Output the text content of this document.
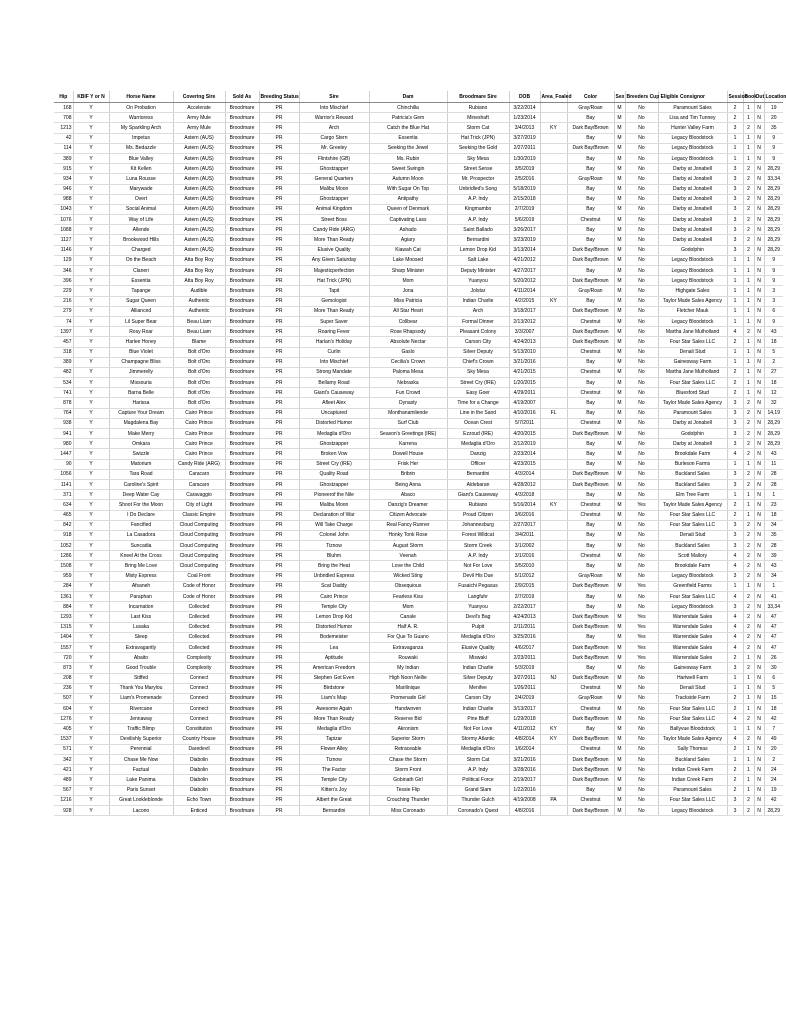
Hip	KBIF Y or N	Horse Name	Covering Sire	Sold As	Breeding Status	Sire	Dam	Broodmare Sire	DOB	Area_Foaled	Color	Sex	Breeders Cup Eligible	Consignor	Session	Book	Out	Location
168	Y	On Probation	Accelerate	Broodmare	PR	Into Mischief	Chinchilla	Rubiano	3/22/2014		Gray/Roan	M	No	Paramount Sales	2	1	N	19
708	Y	Warrioress	Army Mule	Broodmare	PR	Warrior's Reward	Patricia's Gem	Mineshaft	1/23/2014		Bay	M	No	Lisa and Tim Tunney	2	1	N	20
1213	Y	My Sparkling Arch	Army Mule	Broodmare	PR	Arch	Catch the Blue Hat	Storm Cat	3/4/2013	KY	Dark Bay/Brown	M	No	Hunter Valley Farm	3	2	N	35
42	Y	Impetus	Astern (AUS)	Broodmare	PR	Cargo Stern	Essentia	Hat Trick (JPN)	3/27/2019		Bay	M	No	Legacy Bloodstock	1	1	N	9
114	Y	Ms. Bedazzle	Astern (AUS)	Broodmare	PR	Mr. Greeley	Seeking the Jewel	Seeking the Gold	2/27/2011		Dark Bay/Brown	M	No	Legacy Bloodstock	1	1	N	9
389	Y	Blue Valley	Astern (AUS)	Broodmare	PR	Flintshire (GB)	Ms. Rubin	Sky Mesa	1/30/2019		Bay	M	No	Legacy Bloodstock	1	1	N	9
915	Y	Kit Kellen	Astern (AUS)	Broodmare	PR	Ghostzapper	Sweet Swingin	Street Sense	3/5/2019		Bay	M	No	Darby at Jonabell	3	2	N	28,29
934	Y	Luna Rousse	Astern (AUS)	Broodmare	PR	General Quarters	Autumn Moon	Mr. Prospector	2/5/2016		Gray/Roan	M	No	Darby at Jonabell	3	2	N	33,34
946	Y	Marywade	Astern (AUS)	Broodmare	PR	Malibu Moon	With Sugar On Top	Unbridled's Song	5/18/2019		Bay	M	No	Darby at Jonabell	3	2	N	28,29
988	Y	Overt	Astern (AUS)	Broodmare	PR	Ghostzapper	Antipathy	A.P. Indy	2/15/2018		Bay	M	No	Darby at Jonabell	3	2	N	28,29
1043	Y	Social Animal	Astern (AUS)	Broodmare	PR	Animal Kingdom	Queen of Denmark	Kingmambo	2/7/2019		Bay	M	No	Darby at Jonabell	3	2	N	28,29
1076	Y	Way of Life	Astern (AUS)	Broodmare	PR	Street Boss	Captivating Lass	A.P. Indy	5/6/2019		Chestnut	M	No	Darby at Jonabell	3	2	N	28,29
1088	Y	Allende	Astern (AUS)	Broodmare	PR	Candy Ride (ARG)	Ashado	Saint Ballado	3/26/2017		Bay	M	No	Darby at Jonabell	3	2	N	28,29
1127	Y	Brookwood Hills	Astern (AUS)	Broodmare	PR	More Than Ready	Agiary	Bernardini	3/23/2019		Bay	M	No	Darby at Jonabell	3	2	N	28,29
1146	Y	Charged	Astern (AUS)	Broodmare	PR	Elusive Quality	Kiawah Cat	Lemon Drop Kid	3/13/2014		Dark Bay/Brown	M	No	Godolphin	3	2	N	28,29
129	Y	On the Beach	Atta Boy Roy	Broodmare	PR	Any Given Saturday	Lake Moosed	Salt Lake	4/21/2012		Dark Bay/Brown	M	No	Legacy Bloodstock	1	1	N	9
346	Y	Claneri	Atta Boy Roy	Broodmare	PR	Majesticperfection	Sharp Minister	Deputy Minister	4/27/2017		Bay	M	No	Legacy Bloodstock	1	1	N	9
396	Y	Essentia	Atta Boy Roy	Broodmare	PR	Hat Trick (JPN)	Mom	Yuanyou	5/20/2012		Dark Bay/Brown	M	No	Legacy Bloodstock	1	1	N	9
229	Y	Tapange	Audible	Broodmare	PR	Tapit	Jona	Jolstar	4/11/2014		Gray/Roan	M	No	Highgate Sales	1	1	N	3
216	Y	Sugar Queen	Authentic	Broodmare	PR	Gemologist	Miss Patricia	Indian Charlie	4/2/2015	KY	Bay	M	No	Taylor Made Sales Agency	1	1	N	3
279	Y	Allianced	Authentic	Broodmare	PR	More Than Ready	All Star Heart	Arch	3/18/2017		Dark Bay/Brown	M	No	Fletcher Mauk	1	1	N	6
74	Y	Lil Super Bear	Beau Liam	Broodmare	PR	Super Saver	Collbear	Formal Dinner	2/13/2012		Chestnut	M	No	Legacy Bloodstock	1	1	N	9
1397	Y	Rosy Roar	Beau Liam	Broodmare	PR	Roaring Fever	Rose Rhapsody	Pleasant Colony	3/3/2007		Dark Bay/Brown	M	No	Martha Jane Mulholland	4	2	N	43
457	Y	Harlee Honey	Blame	Broodmare	PR	Harlan's Holiday	Absolute Nectar	Carson City	4/24/2013		Dark Bay/Brown	M	No	Four Star Sales LLC	2	1	N	18
318	Y	Blue Violet	Bolt d'Oro	Broodmare	PR	Curlin	Gaslo	Silver Deputy	5/13/2010		Chestnut	M	No	Denali Stud	1	1	N	5
389	Y	Champagne Bliss	Bolt d'Oro	Broodmare	PR	Into Mischief	Cecilia's Crown	Chief's Crown	3/21/2016		Bay	M	No	Gainesway Farm	1	1	N	2
482	Y	Jimmerelly	Bolt d'Oro	Broodmare	PR	Strong Mandate	Paloma Mesa	Sky Mesa	4/21/2015		Chestnut	M	No	Martha Jane Mulholland	2	1	N	27
534	Y	Missouria	Bolt d'Oro	Broodmare	PR	Bellamy Road	Nebraska	Street Cry (IRE)	1/20/2015		Bay	M	No	Four Star Sales LLC	2	1	N	18
741	Y	Barna Belle	Bolt d'Oro	Broodmare	PR	Giant's Causeway	Fun Crowd	Easy Goer	4/29/2011		Chestnut	M	No	Bluesford Stud	2	1	N	12
878	Y	Harissa	Bolt d'Oro	Broodmare	PR	Afleet Alex	Dynasty	Time for a Change	4/19/2007		Bay	M	No	Taylor Made Sales Agency	3	2	N	32
764	Y	Capture Your Dream	Cairo Prince	Broodmare	PR	Uncaptured	Monthanamliende	Line in the Sand	4/10/2016	FL	Bay	M	No	Paramount Sales	3	2	N	14,19
938	Y	Magdalena Bay	Cairo Prince	Broodmare	PR	Distorted Humor	Surf Club	Ocean Crest	5/7/2011		Chestnut	M	No	Darby at Jonabell	3	2	N	28,29
941	Y	Make Merry	Cairo Prince	Broodmare	PR	Medaglia d'Oro	Season's Greetings (IRE)	Ezzoud (IRE)	4/20/2015		Dark Bay/Brown	M	No	Godolphin	3	2	N	28,29
980	Y	Omkara	Cairo Prince	Broodmare	PR	Ghostzapper	Karrena	Medaglia d'Oro	2/12/2019		Bay	M	No	Darby at Jonabell	3	2	N	28,29
1447	Y	Swizzle	Cairo Prince	Broodmare	PR	Broken Vow	Dowell House	Danzig	2/23/2014		Bay	M	No	Brookdale Farm	4	2	N	43
90	Y	Matorium	Candy Ride (ARG)	Broodmare	PR	Street Cry (IRE)	Frisk Her	Officer	4/23/2015		Bay	M	No	Burleson Farms	1	1	N	11
1056	Y	Tara Road	Caracaro	Broodmare	PR	Quality Road	Bribrin	Bernardini	4/3/2014		Dark Bay/Brown	M	No	Buckland Sales	3	2	N	28
1141	Y	Caroline's Spirit	Caracaro	Broodmare	PR	Ghostzapper	Being Anna	Aldebaran	4/28/2012		Dark Bay/Brown	M	No	Buckland Sales	3	2	N	28
371	Y	Deep Water Cay	Caravaggio	Broodmare	PR	Pioneerof the Nile	Abaco	Giant's Causeway	4/3/2018		Bay	M	No	Elm Tree Farm	1	1	N	1
634	Y	Shoot For the Moon	City of Light	Broodmare	PR	Malibu Moon	Danzig's Dreamer	Rubiano	5/16/2014	KY	Chestnut	M	Yes	Taylor Made Sales Agency	2	1	N	23
465	Y	I Do Declare	Classic Empire	Broodmare	PR	Declaration of War	Citizen Advocate	Proud Citizen	3/6/2016		Chestnut	M	No	Four Star Sales LLC	2	1	N	18
842	Y	Fancified	Cloud Computing	Broodmare	PR	Will Take Charge	Real Fancy Runner	Johannesburg	2/27/2017		Bay	M	No	Four Star Sales LLC	3	2	N	34
918	Y	La Casadora	Cloud Computing	Broodmare	PR	Colonel John	Honky Tonk Rose	Forest Wildcat	3/4/2011		Bay	M	No	Denali Stud	3	2	N	35
1052	Y	Suncadia	Cloud Computing	Broodmare	PR	Tiznow	August Storm	Storm Creek	3/1/2002		Bay	M	No	Buckland Sales	3	2	N	28
1286	Y	Kneel At the Cross	Cloud Computing	Broodmare	PR	Bluhm	Veenah	A.P. Indy	3/1/2016		Chestnut	M	No	Scott Mallory	4	2	N	39
1508	Y	Bring Me Love	Cloud Computing	Broodmare	PR	Bring the Heat	Love the Child	Not For Love	3/5/2010		Bay	M	No	Brookdale Farm	4	2	N	43
959	Y	Misty Express	Coal Front	Broodmare	PR	Unbridled Express	Wicked Sting	Devil His Due	5/1/2012		Gray/Roan	M	No	Legacy Bloodstock	3	2	N	34
284	Y	Afsaneh	Code of Honor	Broodmare	PR	Scat Daddy	Obsequious	Fusaichi Pegasus	2/9/2015		Dark Bay/Brown	M	Yes	Greenfield Farms	1	1	N	1
1361	Y	Paraphan	Code of Honor	Broodmare	PR	Cairo Prince	Fearless Kiss	Langfuhr	2/7/2019		Bay	M	No	Four Star Sales LLC	4	2	N	41
884	Y	Incarnation	Collected	Broodmare	PR	Temple City	Mom	Yuanyou	2/22/2017		Bay	M	No	Legacy Bloodstock	3	2	N	33,34
1293	Y	Last Kiss	Collected	Broodmare	PR	Lemon Drop Kid	Canale	Devil's Bag	4/24/2013		Dark Bay/Brown	M	Yes	Warrendale Sales	4	2	N	47
1315	Y	Lusaka	Collected	Broodmare	PR	Distorted Humor	Half A. R.	Pulpit	2/11/2011		Dark Bay/Brown	M	Yes	Warrendale Sales	4	2	N	47
1404	Y	Sleep	Collected	Broodmare	PR	Bodemeister	For Que To Guano	Medaglia d'Oro	3/25/2016		Bay	M	Yes	Warrendale Sales	4	2	N	47
1557	Y	Extravagantly	Collected	Broodmare	PR	Lea	Extravaganza	Elusive Quality	4/6/2017		Dark Bay/Brown	M	Yes	Warrendale Sales	4	2	N	47
720	Y	Abaito	Complexity	Broodmare	PR	Aptitude	Rouwaki	Miswaki	2/23/2011		Dark Bay/Brown	M	Yes	Warrendale Sales	2	1	N	26
873	Y	Good Trouble	Complexity	Broodmare	PR	American Freedom	My Indian	Indian Charlie	5/3/2019		Bay	M	No	Gainesway Farm	3	2	N	30
208	Y	Stiffed	Connect	Broodmare	PR	Stephen Got Even	High Noon Nellie	Silver Deputy	3/27/2011	NJ	Dark Bay/Brown	M	No	Hartwell Farm	1	1	N	6
236	Y	Thank You Marylou	Connect	Broodmare	PR	Birdstone	Marilinique	Menifee	1/26/2011		Chestnut	M	No	Denali Stud	1	1	N	5
507	Y	Liam's Promenade	Connect	Broodmare	PR	Liam's Map	Promenade Girl	Carson City	2/4/2019		Gray/Roan	M	No	Trackside Farm	2	1	N	15
604	Y	Rivercane	Connect	Broodmare	PR	Awesome Again	Handwoven	Indian Charlie	3/13/2017		Chestnut	M	No	Four Star Sales LLC	2	1	N	18
1276	Y	Jennaway	Connect	Broodmare	PR	More Than Ready	Reserve Bid	Pine Bluff	1/29/2018		Dark Bay/Brown	M	No	Four Star Sales LLC	4	2	N	42
405	Y	Traffic Blimp	Constitution	Broodmare	PR	Medaglia d'Oro	Akronism	Not For Love	4/11/2012	KY	Bay	M	No	Ballyvue Bloodstock	1	1	N	7
1537	Y	Devilishly Superior	Country House	Broodmare	PR	Tapizar	Superior Storm	Stormy Atlantic	4/8/2014	KY	Dark Bay/Brown	M	No	Taylor Made Sales Agency	4	2	N	49
571	Y	Perennial	Daredevil	Broodmare	PR	Flower Alley	Retraceable	Medaglia d'Oro	1/6/2014		Chestnut	M	No	Sally Thomas	2	1	N	20
342	Y	Chase Me Now	Diabolin	Broodmare	PR	Tiznow	Chase the Storm	Storm Cat	3/21/2016		Dark Bay/Brown	M	No	Buckland Sales	1	1	N	2
421	Y	Factual	Diabolin	Broodmare	PR	The Factor	Storm Front	A.P. Indy	3/28/2016		Dark Bay/Brown	M	No	Indian Creek Farm	2	1	N	24
489	Y	Lake Panima	Diabolin	Broodmare	PR	Temple City	Gobinath Girl	Political Force	2/19/2017		Dark Bay/Brown	M	No	Indian Creek Farm	2	1	N	24
567	Y	Paris Sunset	Diabolin	Broodmare	PR	Kitten's Joy	Tessie Flip	Grand Slam	1/22/2016		Bay	M	No	Paramount Sales	2	1	N	19
1216	Y	Great Lookleblonde	Echo Town	Broodmare	PR	Albert the Great	Crouching Thunder	Thunder Gulch	4/19/2008	PA	Chestnut	M	No	Four Star Sales LLC	3	2	N	42
928	Y	Lacono	Enticed	Broodmare	PR	Bernardini	Miss Coronado	Coronado's Quest	4/8/2016		Dark Bay/Brown	M	No	Legacy Bloodstock	3	2	N	28,29
